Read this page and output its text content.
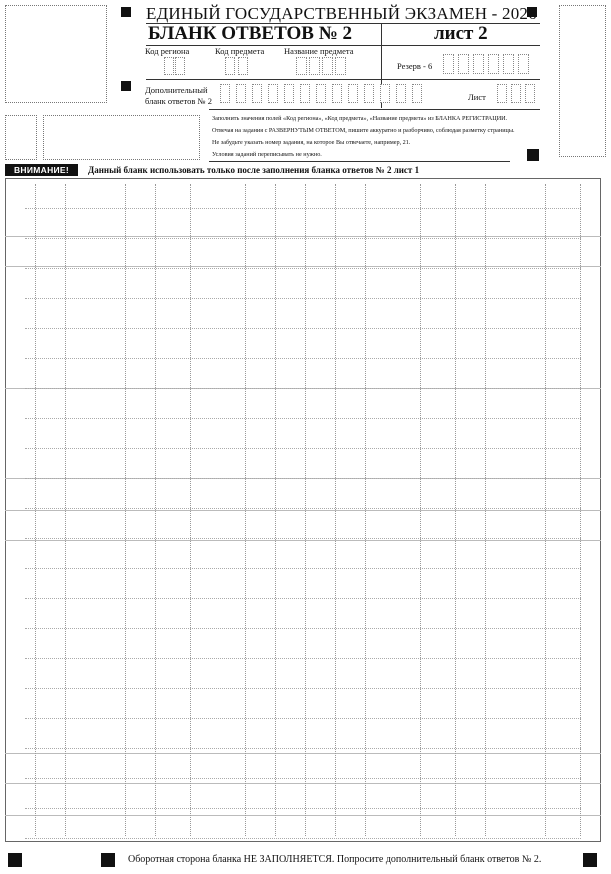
ЕДИНЫЙ ГОСУДАРСТВЕННЫЙ ЭКЗАМЕН - 2026
БЛАНК ОТВЕТОВ № 2	лист 2
Код региона	Код предмета Название предмета
Резерв - 6
Дополнительный
бланк ответов № 2	Лист
Заполнить значения полей «Код региона», «Код предмета», «Название предмета» из БЛАНКА РЕГИСТРАЦИИ.
Отвечая на задания с РАЗВЕРНУТЫМ ОТВЕТОМ, пишите аккуратно и разборчиво, соблюдая разметку страницы.
Не забудьте указать номер задания, на которое Вы отвечаете, например, 21.
Условия заданий переписывать не нужно.
ВНИМАНИЕ!	Данный бланк использовать только после заполнения бланка ответов № 2 лист 1
Оборотная сторона бланка НЕ ЗАПОЛНЯЕТСЯ. Попросите дополнительный бланк ответов № 2.
